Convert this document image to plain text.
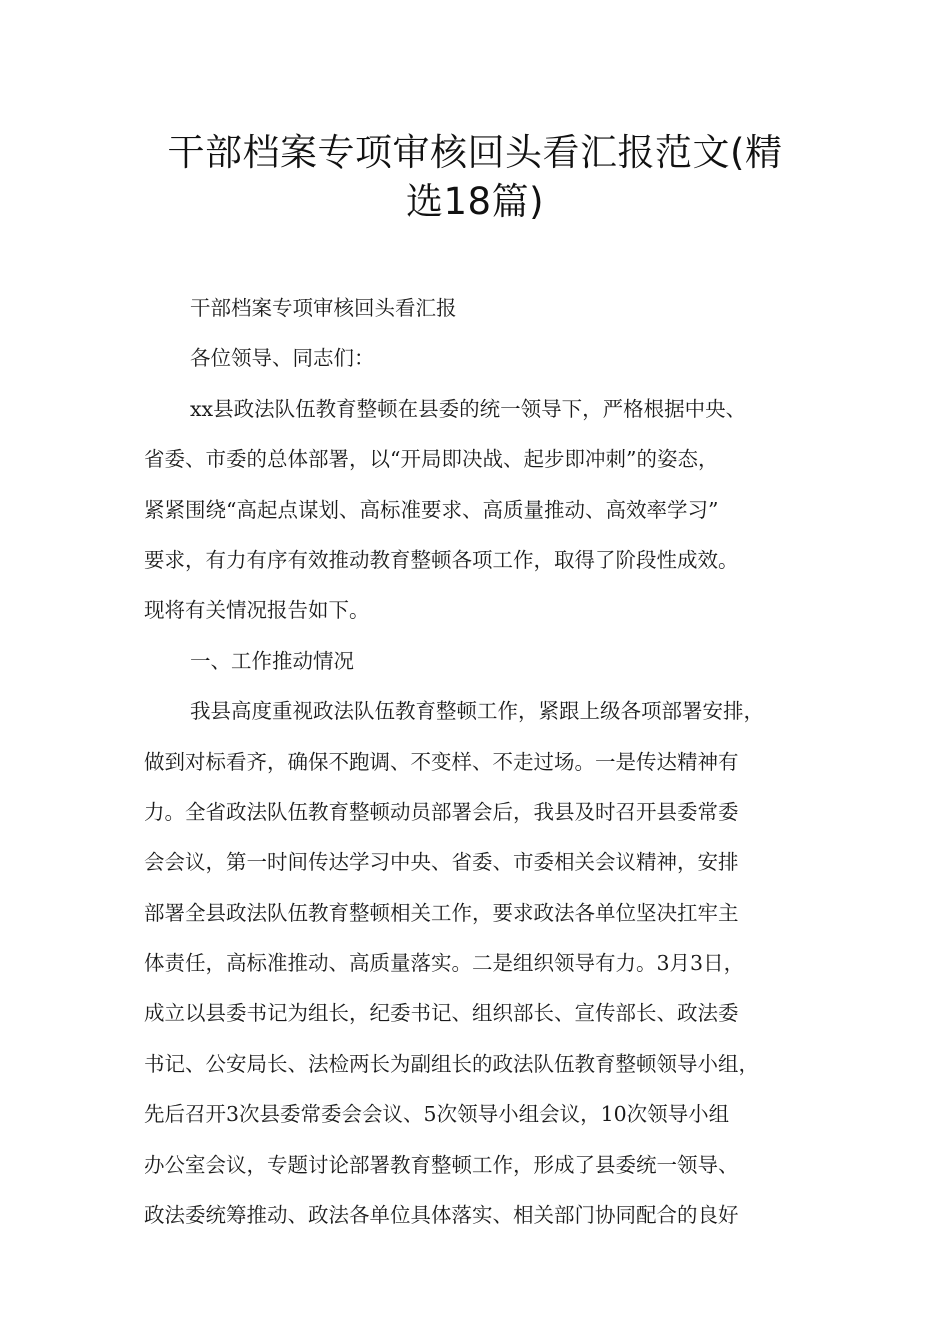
干部档案专项审核回头看汇报范文(精
选18篇)
干部档案专项审核回头看汇报
各位领导、同志们：
xx县政法队伍教育整顿在县委的统一领导下，严格根据中央、
省委、市委的总体部署，以“开局即决战、起步即冲刺”的姿态，
紧紧围绕“高起点谋划、高标准要求、高质量推动、高效率学习”
要求，有力有序有效推动教育整顿各项工作，取得了阶段性成效。
现将有关情况报告如下。
一、工作推动情况
我县高度重视政法队伍教育整顿工作，紧跟上级各项部署安排，
做到对标看齐，确保不跑调、不变样、不走过场。一是传达精神有
力。全省政法队伍教育整顿动员部署会后，我县及时召开县委常委
会会议，第一时间传达学习中央、省委、市委相关会议精神，安排
部署全县政法队伍教育整顿相关工作，要求政法各单位坚决扛牢主
体责任，高标准推动、高质量落实。二是组织领导有力。3月3日，
成立以县委书记为组长，纪委书记、组织部长、宣传部长、政法委
书记、公安局长、法检两长为副组长的政法队伍教育整顿领导小组，
先后召开3次县委常委会会议、5次领导小组会议，10次领导小组
办公室会议，专题讨论部署教育整顿工作，形成了县委统一领导、
政法委统筹推动、政法各单位具体落实、相关部门协同配合的良好
